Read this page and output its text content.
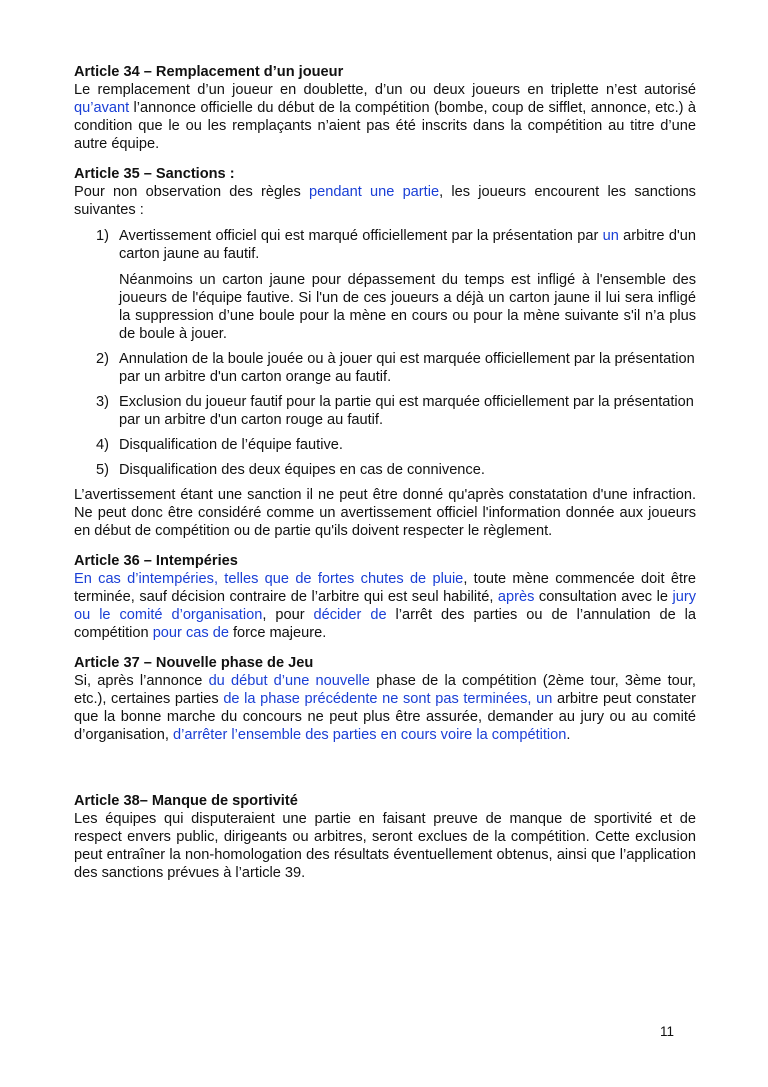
Article 34 – Remplacement d’un joueur

Le remplacement d’un joueur en doublette, d’un ou deux joueurs en triplette n’est autorisé qu’avant l’annonce officielle du début de la compétition (bombe, coup de sifflet, annonce, etc.) à condition que le ou les remplaçants n’aient pas été inscrits dans la compétition au titre d’une autre équipe.

Article 35 – Sanctions :

Pour non observation des règles pendant une partie, les joueurs encourent les sanctions suivantes :

1) Avertissement officiel qui est marqué officiellement par la présentation par un arbitre d'un carton jaune au fautif.
Néanmoins un carton jaune pour dépassement du temps est infligé à l'ensemble des joueurs de l'équipe fautive. Si l'un de ces joueurs a déjà un carton jaune il lui sera infligé la suppression d’une boule pour la mène en cours ou pour la mène suivante s'il n’a plus de boule à jouer.
2) Annulation de la boule jouée ou à jouer qui est marquée officiellement par la présentation par un arbitre d'un carton orange au fautif.
3) Exclusion du joueur fautif pour la partie qui est marquée officiellement par la présentation par un arbitre d'un carton rouge au fautif.
4) Disqualification de l’équipe fautive.
5) Disqualification des deux équipes en cas de connivence.

L’avertissement étant une sanction il ne peut être donné qu'après constatation d'une infraction. Ne peut donc être considéré comme un avertissement officiel l'information donnée aux joueurs en début de compétition ou de partie qu'ils doivent respecter le règlement.

Article 36 – Intempéries

En cas d’intempéries, telles que de fortes chutes de pluie, toute mène commencée doit être terminée, sauf décision contraire de l’arbitre qui est seul habilité, après consultation avec le jury ou le comité d’organisation, pour décider de l’arrêt des parties ou de l’annulation de la compétition pour cas de force majeure.

Article 37 – Nouvelle phase de Jeu

Si, après l’annonce du début d’une nouvelle phase de la compétition (2ème tour, 3ème tour, etc.), certaines parties de la phase précédente ne sont pas terminées, un arbitre peut constater que la bonne marche du concours ne peut plus être assurée, demander au jury ou au comité d’organisation, d’arrêter l’ensemble des parties en cours voire la compétition.

Article 38– Manque de sportivité

Les équipes qui disputeraient une partie en faisant preuve de manque de sportivité et de respect envers public, dirigeants ou arbitres, seront exclues de la compétition. Cette exclusion peut entraîner la non-homologation des résultats éventuellement obtenus, ainsi que l’application des sanctions prévues à l’article 39.

11
